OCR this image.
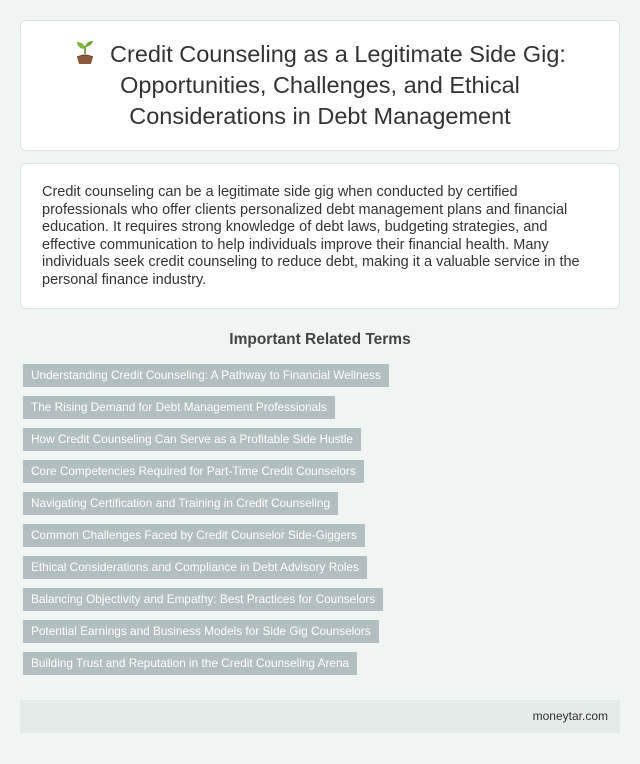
Credit Counseling as a Legitimate Side Gig: Opportunities, Challenges, and Ethical Considerations in Debt Management

Credit counseling can be a legitimate side gig when conducted by certified professionals who offer clients personalized debt management plans and financial education. It requires strong knowledge of debt laws, budgeting strategies, and effective communication to help individuals improve their financial health. Many individuals seek credit counseling to reduce debt, making it a valuable service in the personal finance industry.

Important Related Terms
Understanding Credit Counseling: A Pathway to Financial Wellness
The Rising Demand for Debt Management Professionals
How Credit Counseling Can Serve as a Profitable Side Hustle
Core Competencies Required for Part-Time Credit Counselors
Navigating Certification and Training in Credit Counseling
Common Challenges Faced by Credit Counselor Side-Giggers
Ethical Considerations and Compliance in Debt Advisory Roles
Balancing Objectivity and Empathy: Best Practices for Counselors
Potential Earnings and Business Models for Side Gig Counselors
Building Trust and Reputation in the Credit Counseling Arena
moneytar.com
